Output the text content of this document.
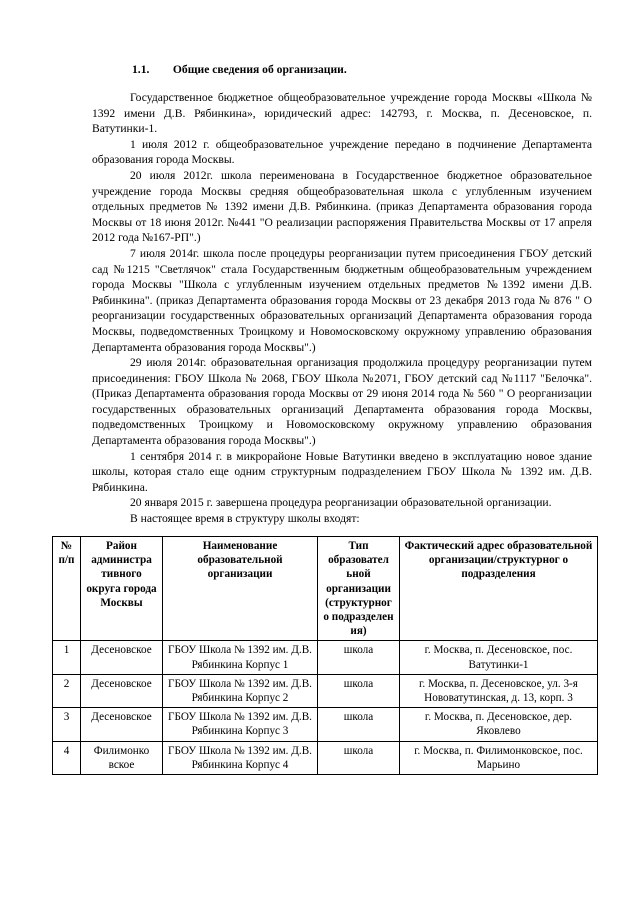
1.1. Общие сведения об организации.

Государственное бюджетное общеобразовательное учреждение города Москвы «Школа № 1392 имени Д.В. Рябинкина», юридический адрес: 142793, г. Москва, п. Десеновское, п. Ватутинки-1.

1 июля 2012 г. общеобразовательное учреждение передано в подчинение Департамента образования города Москвы.

20 июля 2012г. школа переименована в Государственное бюджетное образовательное учреждение города Москвы средняя общеобразовательная школа с углубленным изучением отдельных предметов № 1392 имени Д.В. Рябинкина. (приказ Департамента образования города Москвы от 18 июня 2012г. №441 "О реализации распоряжения Правительства Москвы от 17 апреля 2012 года №167-РП".)

7 июля 2014г. школа после процедуры реорганизации путем присоединения ГБОУ детский сад №1215 "Светлячок" стала Государственным бюджетным общеобразовательным учреждением города Москвы "Школа с углубленным изучением отдельных предметов №1392 имени Д.В. Рябинкина". (приказ Департамента образования города Москвы от 23 декабря 2013 года № 876 " О реорганизации государственных образовательных организаций Департамента образования города Москвы, подведомственных Троицкому и Новомосковскому окружному управлению образования Департамента образования города Москвы".)

29 июля 2014г. образовательная организация продолжила процедуру реорганизации путем присоединения: ГБОУ Школа № 2068, ГБОУ Школа №2071, ГБОУ детский сад №1117 "Белочка". (Приказ Департамента образования города Москвы от 29 июня 2014 года № 560 " О реорганизации государственных образовательных организаций Департамента образования города Москвы, подведомственных Троицкому и Новомосковскому окружному управлению образования Департамента образования города Москвы".)

1 сентября 2014 г. в микрорайоне Новые Ватутинки введено в эксплуатацию новое здание школы, которая стало еще одним структурным подразделением ГБОУ Школа № 1392 им. Д.В. Рябинкина.

20 января 2015 г. завершена процедура реорганизации образовательной организации.

В настоящее время в структуру школы входят:

№ п/п	Район администра тивного округа города Москвы	Наименование образовательной организации	Тип образовател ьной организации (структурног о подразделен ия)	Фактический адрес образовательной организации/структурног о подразделения
1	Десеновское	ГБОУ Школа № 1392 им. Д.В. Рябинкина Корпус 1	школа	г. Москва, п. Десеновское, пос. Ватутинки-1
2	Десеновское	ГБОУ Школа № 1392 им. Д.В. Рябинкина Корпус 2	школа	г. Москва, п. Десеновское, ул. 3-я Нововатутинская, д. 13, корп. 3
3	Десеновское	ГБОУ Школа № 1392 им. Д.В. Рябинкина Корпус 3	школа	г. Москва, п. Десеновское, дер. Яковлево
4	Филимонко вское	ГБОУ Школа № 1392 им. Д.В. Рябинкина Корпус 4	школа	г. Москва, п. Филимонковское, пос. Марьино
